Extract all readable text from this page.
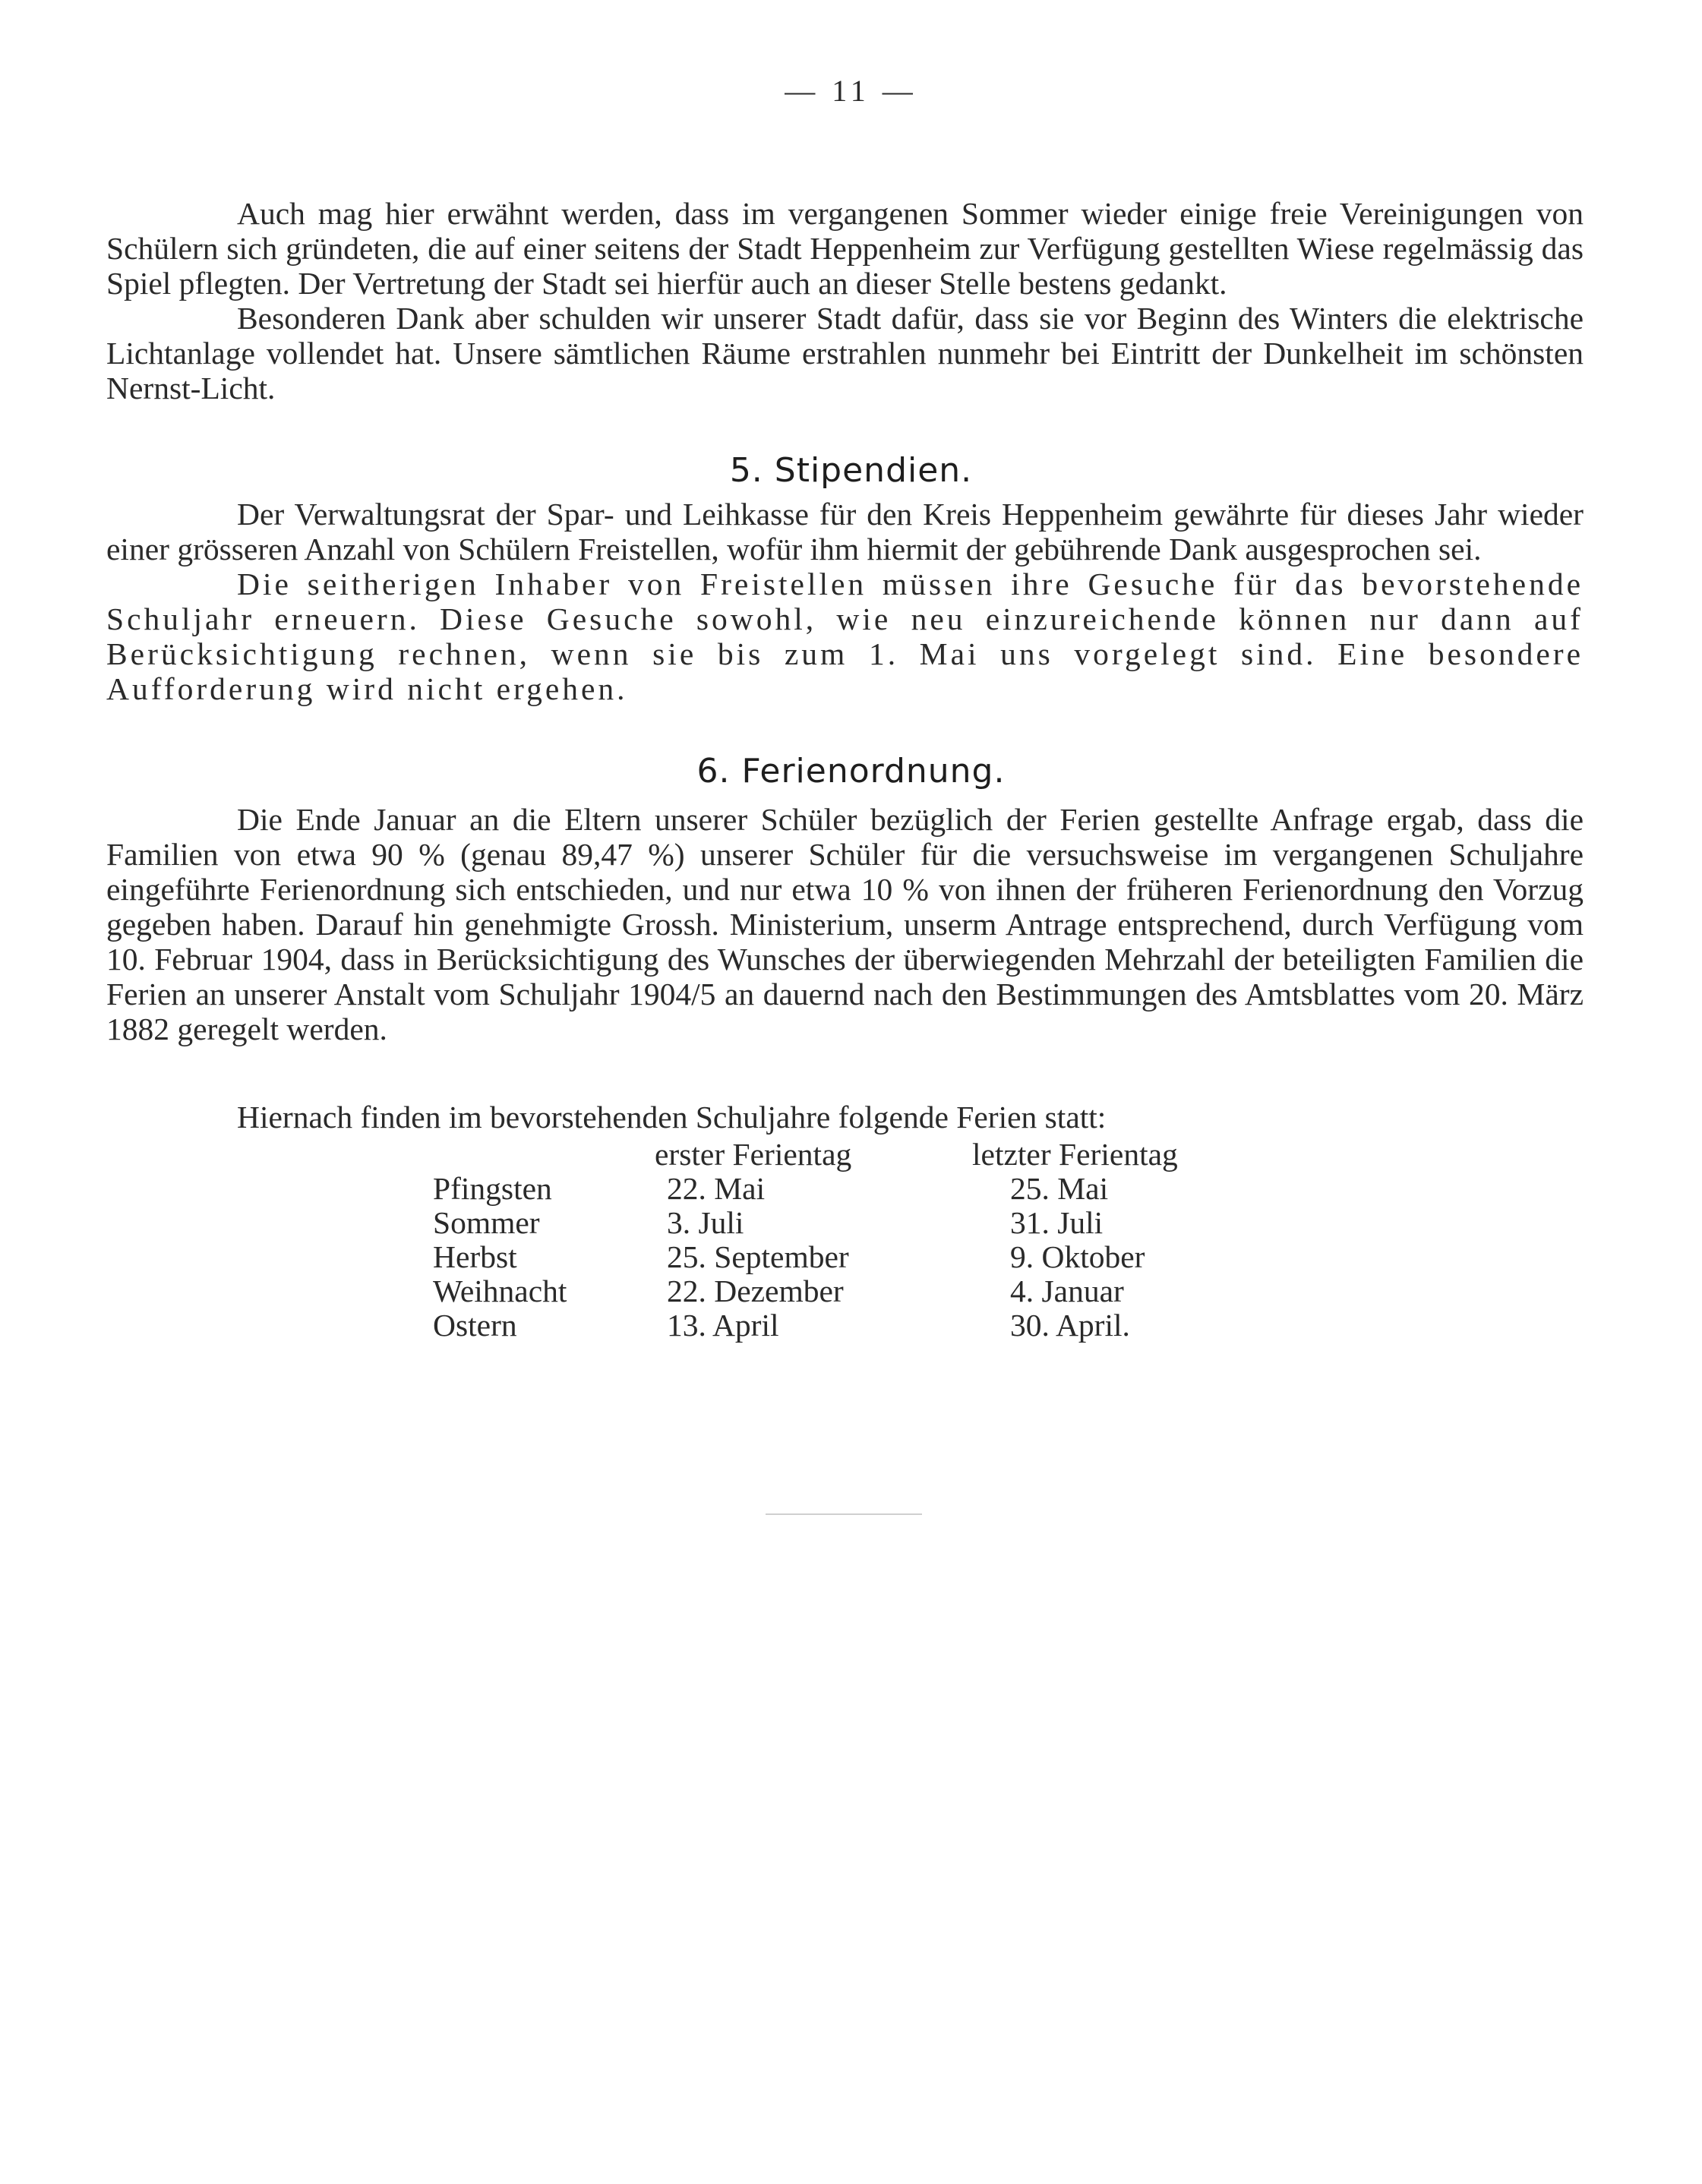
— 11 —

Auch mag hier erwähnt werden, dass im vergangenen Sommer wieder einige freie Vereinigungen von Schülern sich gründeten, die auf einer seitens der Stadt Heppenheim zur Verfügung gestellten Wiese regelmässig das Spiel pflegten. Der Vertretung der Stadt sei hierfür auch an dieser Stelle bestens gedankt.

Besonderen Dank aber schulden wir unserer Stadt dafür, dass sie vor Beginn des Winters die elektrische Lichtanlage vollendet hat. Unsere sämtlichen Räume erstrahlen nunmehr bei Eintritt der Dunkelheit im schönsten Nernst-Licht.

5. Stipendien.

Der Verwaltungsrat der Spar- und Leihkasse für den Kreis Heppenheim gewährte für dieses Jahr wieder einer grösseren Anzahl von Schülern Freistellen, wofür ihm hiermit der gebührende Dank ausgesprochen sei.

Die seitherigen Inhaber von Freistellen müssen ihre Gesuche für das bevorstehende Schuljahr erneuern. Diese Gesuche sowohl, wie neu einzureichende können nur dann auf Berücksichtigung rechnen, wenn sie bis zum 1. Mai uns vorgelegt sind. Eine besondere Aufforderung wird nicht ergehen.

6. Ferienordnung.

Die Ende Januar an die Eltern unserer Schüler bezüglich der Ferien gestellte Anfrage ergab, dass die Familien von etwa 90 % (genau 89,47 %) unserer Schüler für die versuchsweise im vergangenen Schuljahre eingeführte Ferienordnung sich entschieden, und nur etwa 10 % von ihnen der früheren Ferienordnung den Vorzug gegeben haben. Darauf hin genehmigte Grossh. Ministerium, unserm Antrage entsprechend, durch Verfügung vom 10. Februar 1904, dass in Berücksichtigung des Wunsches der überwiegenden Mehrzahl der beteiligten Familien die Ferien an unserer Anstalt vom Schuljahr 1904/5 an dauernd nach den Bestimmungen des Amtsblattes vom 20. März 1882 geregelt werden.

Hiernach finden im bevorstehenden Schuljahre folgende Ferien statt:

	erster Ferientag	letzter Ferientag
Pfingsten	22. Mai	25. Mai
Sommer	3. Juli	31. Juli
Herbst	25. September	9. Oktober
Weihnacht	22. Dezember	4. Januar
Ostern	13. April	30. April.
